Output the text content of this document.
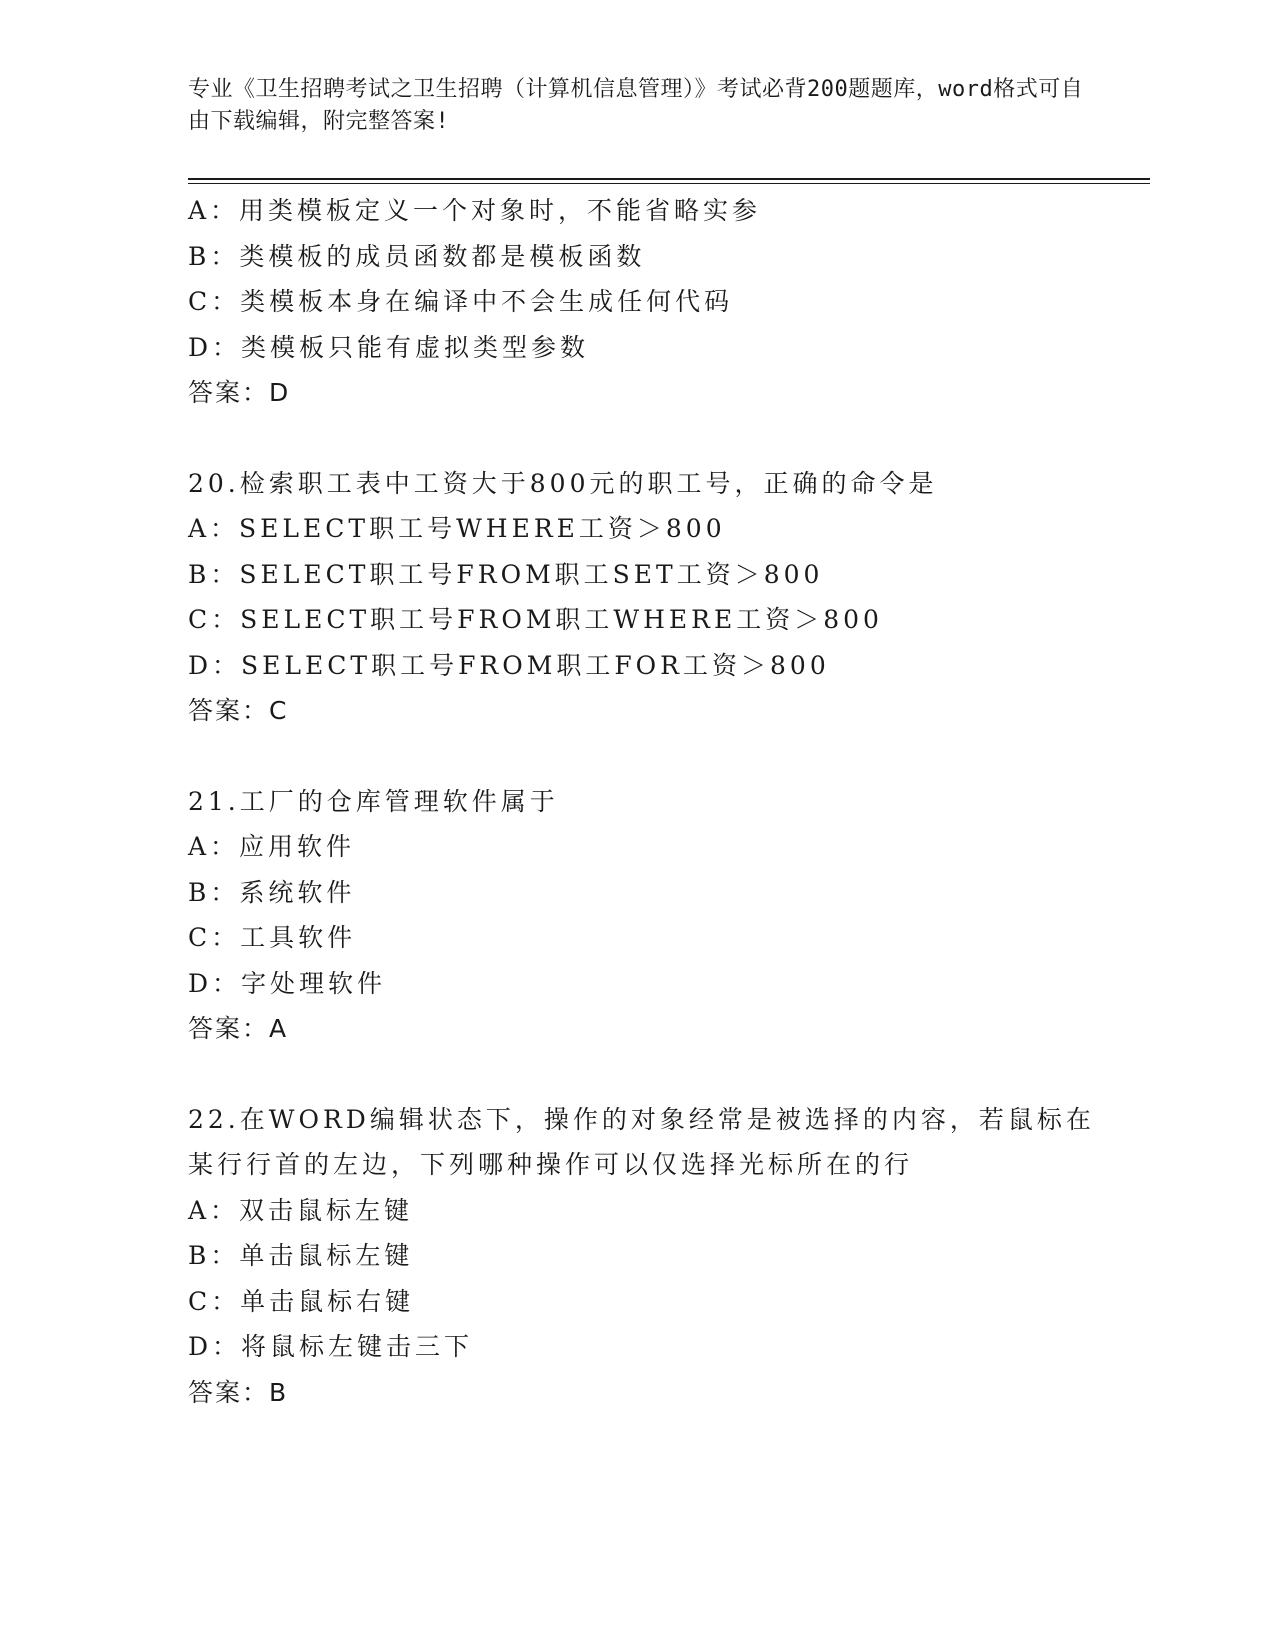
专业《卫生招聘考试之卫生招聘（计算机信息管理）》考试必背200题题库，word格式可自由下载编辑，附完整答案!
A：用类模板定义一个对象时，不能省略实参
B：类模板的成员函数都是模板函数
C：类模板本身在编译中不会生成任何代码
D：类模板只能有虚拟类型参数
答案：D
20.检索职工表中工资大于800元的职工号，正确的命令是
A：SELECT职工号WHERE工资＞800
B：SELECT职工号FROM职工SET工资＞800
C：SELECT职工号FROM职工WHERE工资＞800
D：SELECT职工号FROM职工FOR工资＞800
答案：C
21.工厂的仓库管理软件属于
A：应用软件
B：系统软件
C：工具软件
D：字处理软件
答案：A
22.在WORD编辑状态下，操作的对象经常是被选择的内容，若鼠标在
某行行首的左边，下列哪种操作可以仅选择光标所在的行
A：双击鼠标左键
B：单击鼠标左键
C：单击鼠标右键
D：将鼠标左键击三下
答案：B
